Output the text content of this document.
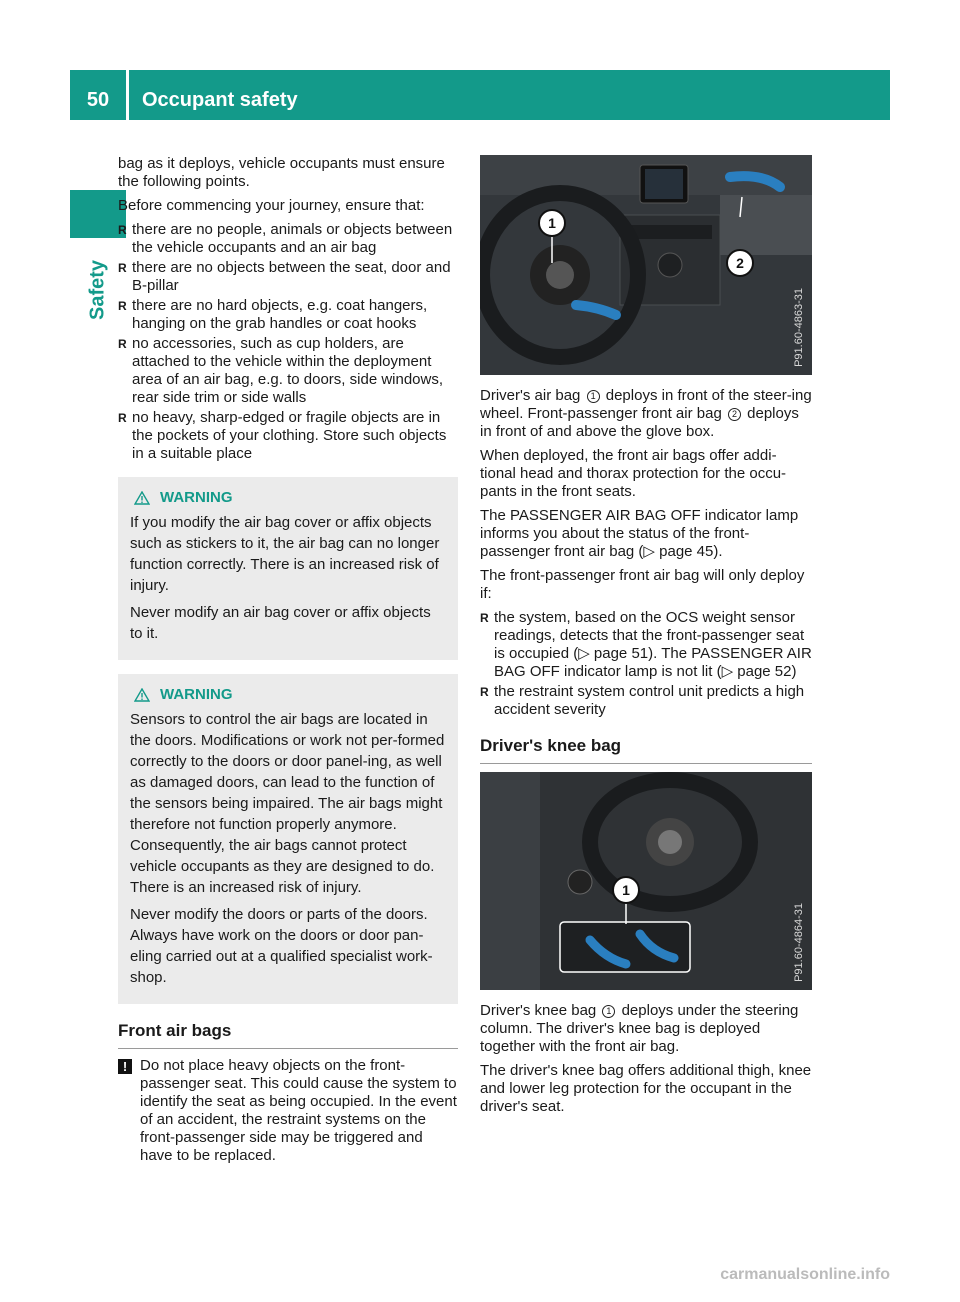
50	Occupant safety
Safety

bag as it deploys, vehicle occupants must ensure the following points.

Before commencing your journey, ensure that:

R there are no people, animals or objects between the vehicle occupants and an air bag
R there are no objects between the seat, door and B-pillar
R there are no hard objects, e.g. coat hangers, hanging on the grab handles or coat hooks
R no accessories, such as cup holders, are attached to the vehicle within the deployment area of an air bag, e.g. to doors, side windows, rear side trim or side walls
R no heavy, sharp-edged or fragile objects are in the pockets of your clothing. Store such objects in a suitable place
WARNING

If you modify the air bag cover or affix objects such as stickers to it, the air bag can no longer function correctly. There is an increased risk of injury.

Never modify an air bag cover or affix objects to it.

WARNING

Sensors to control the air bags are located in the doors. Modifications or work not per-formed correctly to the doors or door panel-ing, as well as damaged doors, can lead to the function of the sensors being impaired. The air bags might therefore not function properly anymore. Consequently, the air bags cannot protect vehicle occupants as they are designed to do. There is an increased risk of injury.

Never modify the doors or parts of the doors. Always have work on the doors or door pan-eling carried out at a qualified specialist work-shop.

Front air bags
! Do not place heavy objects on the front-passenger seat. This could cause the system to identify the seat as being occupied. In the event of an accident, the restraint systems on the front-passenger side may be triggered and have to be replaced.
1
2
P91.60-4863-31

Driver's air bag 1 deploys in front of the steer-ing wheel. Front-passenger front air bag 2 deploys in front of and above the glove box.

When deployed, the front air bags offer addi-tional head and thorax protection for the occu-pants in the front seats.

The PASSENGER AIR BAG OFF indicator lamp informs you about the status of the front-passenger front air bag (▷ page 45).

The front-passenger front air bag will only deploy if:

R the system, based on the OCS weight sensor readings, detects that the front-passenger seat is occupied (▷ page 51). The PASSENGER AIR BAG OFF indicator lamp is not lit (▷ page 52)
R the restraint system control unit predicts a high accident severity
Driver's knee bag
1
P91.60-4864-31

Driver's knee bag 1 deploys under the steering column. The driver's knee bag is deployed together with the front air bag.

The driver's knee bag offers additional thigh, knee and lower leg protection for the occupant in the driver's seat.

carmanualsonline.info
